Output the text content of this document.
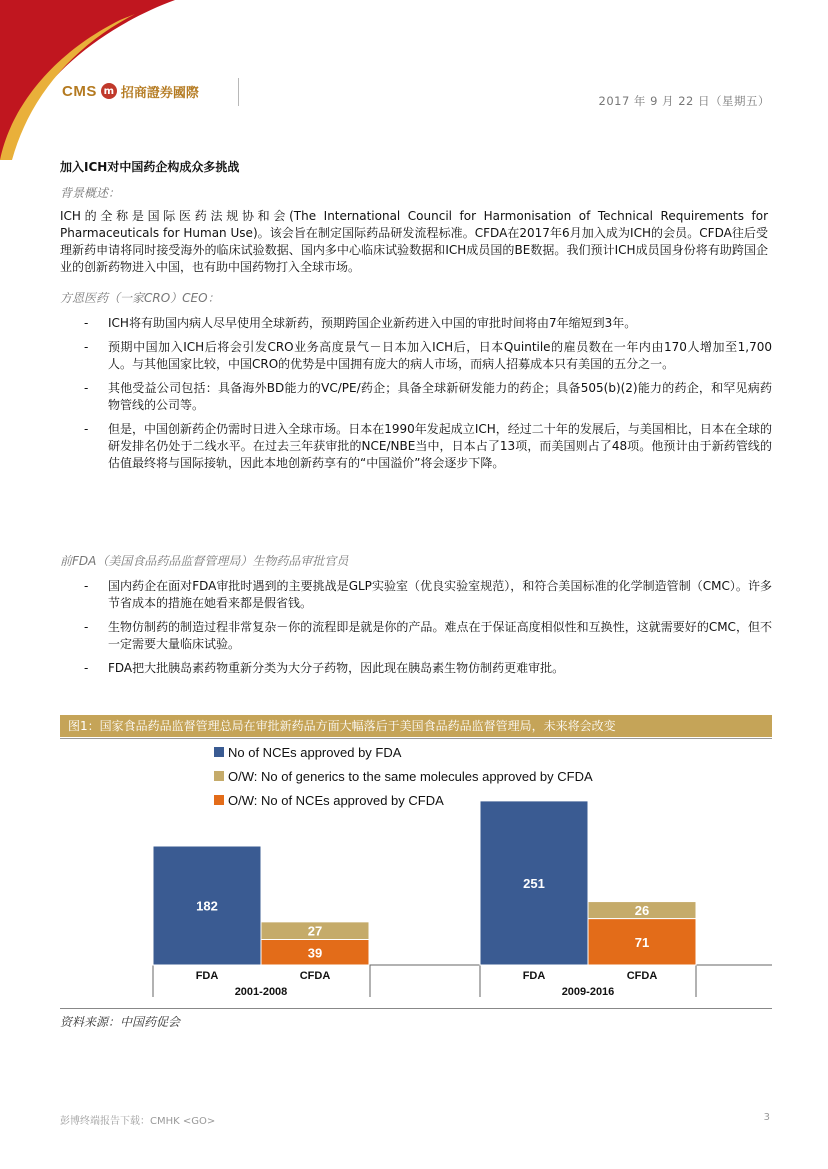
CMS m 招商證券國際
2017 年 9 月 22 日（星期五）
加入ICH对中国药企构成众多挑战
背景概述：
ICH的全称是国际医药法规协和会(The International Council for Harmonisation of Technical Requirements for Pharmaceuticals for Human Use)。该会旨在制定国际药品研发流程标准。CFDA在2017年6月加入成为ICH的会员。CFDA往后受理新药申请将同时接受海外的临床试验数据、国内多中心临床试验数据和ICH成员国的BE数据。我们预计ICH成员国身份将有助跨国企业的创新药物进入中国，也有助中国药物打入全球市场。
方恩医药（一家CRO）CEO：
- ICH将有助国内病人尽早使用全球新药，预期跨国企业新药进入中国的审批时间将由7年缩短到3年。
- 预期中国加入ICH后将会引发CRO业务高度景气－日本加入ICH后，日本Quintile的雇员数在一年内由170人增加至1,700人。与其他国家比较，中国CRO的优势是中国拥有庞大的病人市场，而病人招募成本只有美国的五分之一。
- 其他受益公司包括：具备海外BD能力的VC/PE/药企；具备全球新研发能力的药企；具备505(b)(2)能力的药企，和罕见病药物管线的公司等。
- 但是，中国创新药企仍需时日进入全球市场。日本在1990年发起成立ICH，经过二十年的发展后，与美国相比，日本在全球的研发排名仍处于二线水平。在过去三年获审批的NCE/NBE当中，日本占了13项，而美国则占了48项。他预计由于新药管线的估值最终将与国际接轨，因此本地创新药享有的“中国溢价”将会逐步下降。
前FDA（美国食品药品监督管理局）生物药品审批官员
- 国内药企在面对FDA审批时遇到的主要挑战是GLP实验室（优良实验室规范），和符合美国标准的化学制造管制（CMC）。许多节省成本的措施在她看来都是假省钱。
- 生物仿制药的制造过程非常复杂－你的流程即是就是你的产品。难点在于保证高度相似性和互换性，这就需要好的CMC，但不一定需要大量临床试验。
- FDA把大批胰岛素药物重新分类为大分子药物，因此现在胰岛素生物仿制药更难审批。
图1：国家食品药品监督管理总局在审批新药品方面大幅落后于美国食品药品监督管理局，未来将会改变
No of NCEs approved by FDA
O/W: No of generics to the same molecules approved by CFDA
O/W: No of NCEs approved by CFDA
182
FDA
39
27
CFDA
2001-2008
251
FDA
71
26
CFDA
2009-2016
资料来源：中国药促会
彭博终端报告下载：CMHK <GO>	3
